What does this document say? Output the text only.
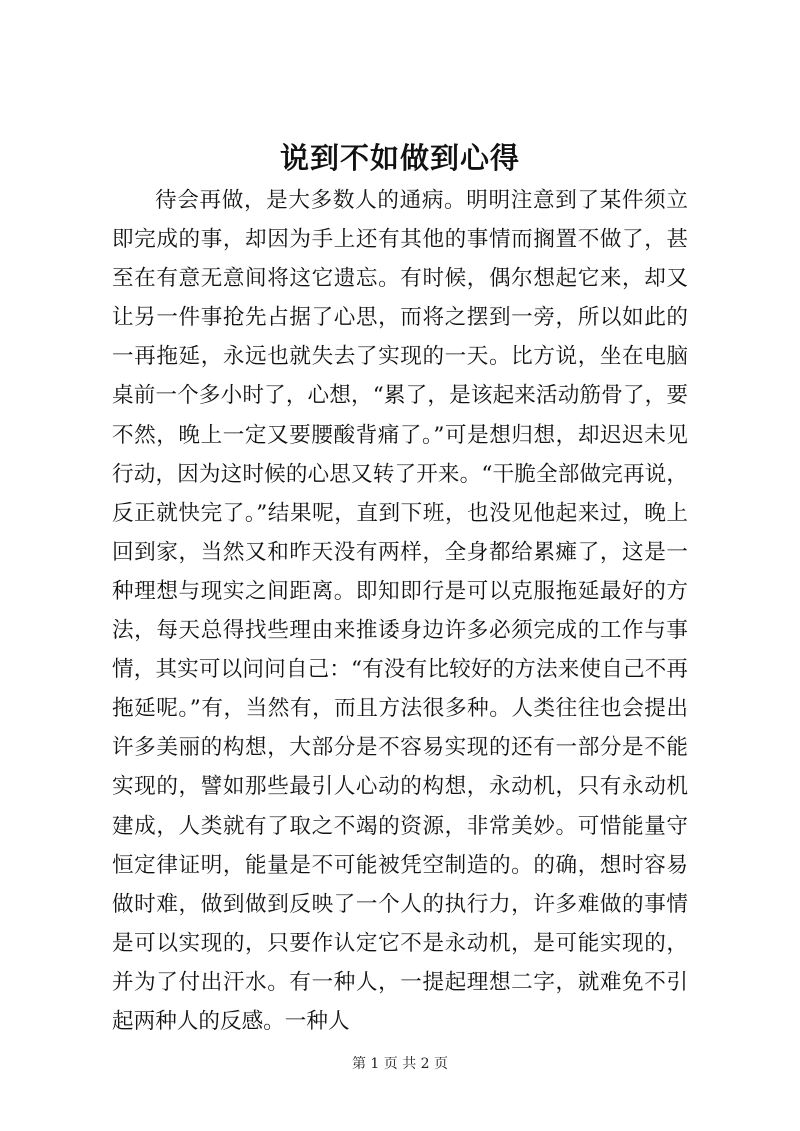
说到不如做到心得

待会再做，是大多数人的通病。明明注意到了某件须立即完成的事，却因为手上还有其他的事情而搁置不做了，甚至在有意无意间将这它遗忘。有时候，偶尔想起它来，却又让另一件事抢先占据了心思，而将之摆到一旁，所以如此的一再拖延，永远也就失去了实现的一天。比方说，坐在电脑桌前一个多小时了，心想，“累了，是该起来活动筋骨了，要不然，晚上一定又要腰酸背痛了。”可是想归想，却迟迟未见行动，因为这时候的心思又转了开来。“干脆全部做完再说，反正就快完了。”结果呢，直到下班，也没见他起来过，晚上回到家，当然又和昨天没有两样，全身都给累瘫了，这是一种理想与现实之间距离。即知即行是可以克服拖延最好的方法，每天总得找些理由来推诿身边许多必须完成的工作与事情，其实可以问问自己：“有没有比较好的方法来使自己不再拖延呢。”有，当然有，而且方法很多种。人类往往也会提出许多美丽的构想，大部分是不容易实现的还有一部分是不能实现的，譬如那些最引人心动的构想，永动机，只有永动机建成，人类就有了取之不竭的资源，非常美妙。可惜能量守恒定律证明，能量是不可能被凭空制造的。的确，想时容易做时难，做到做到反映了一个人的执行力，许多难做的事情是可以实现的，只要作认定它不是永动机，是可能实现的，并为了付出汗水。有一种人，一提起理想二字，就难免不引起两种人的反感。一种人

第 1 页 共 2 页
